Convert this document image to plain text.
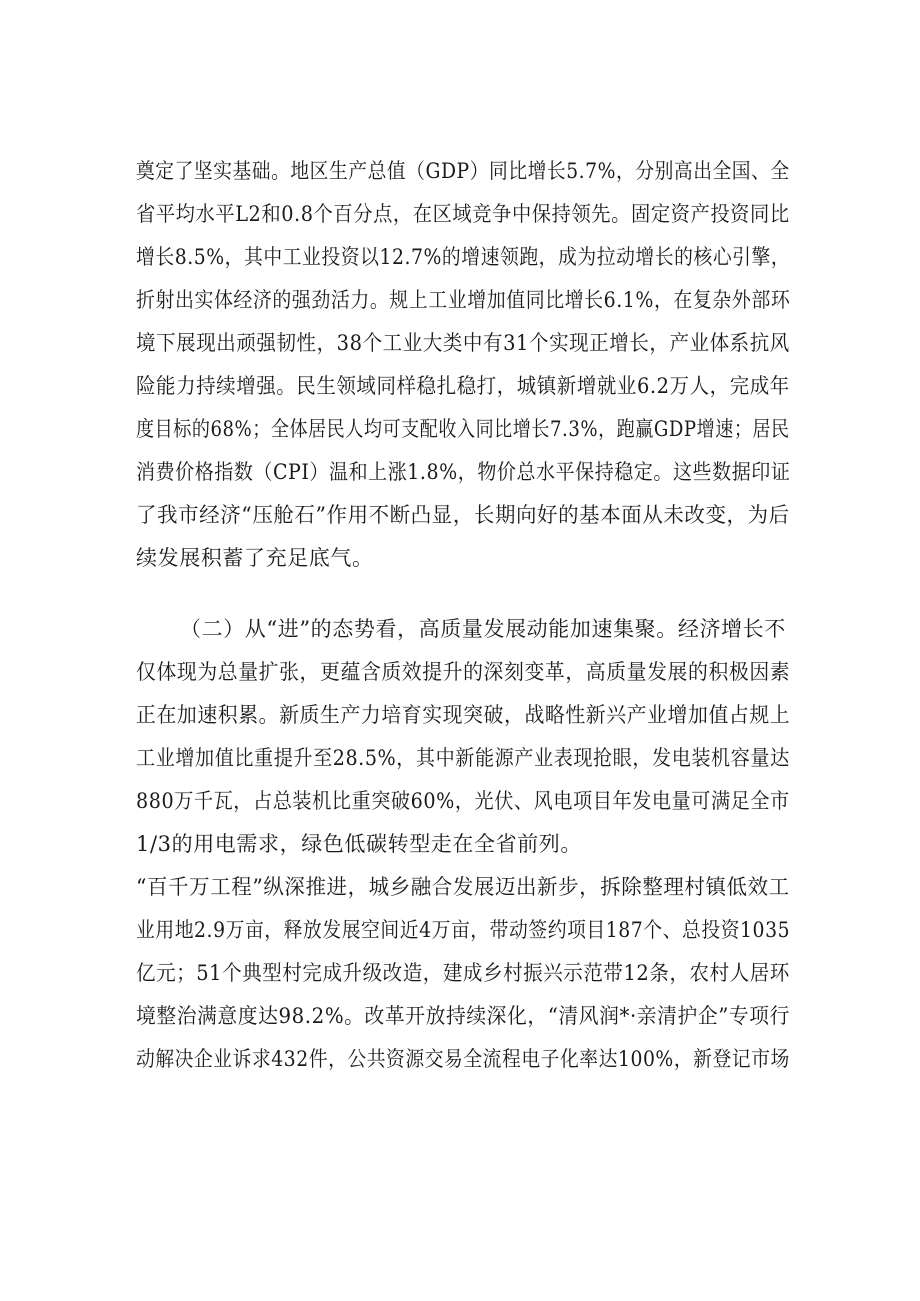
奠定了坚实基础。地区生产总值（GDP）同比增长5.7%，分别高出全国、全
省平均水平L2和0.8个百分点，在区域竞争中保持领先。固定资产投资同比
增长8.5%，其中工业投资以12.7%的增速领跑，成为拉动增长的核心引擎，
折射出实体经济的强劲活力。规上工业增加值同比增长6.1%，在复杂外部环
境下展现出顽强韧性，38个工业大类中有31个实现正增长，产业体系抗风
险能力持续增强。民生领域同样稳扎稳打，城镇新增就业6.2万人，完成年
度目标的68%；全体居民人均可支配收入同比增长7.3%，跑赢GDP增速；居民
消费价格指数（CPI）温和上涨1.8%，物价总水平保持稳定。这些数据印证
了我市经济“压舱石”作用不断凸显，长期向好的基本面从未改变，为后
续发展积蓄了充足底气。
（二）从“进”的态势看，高质量发展动能加速集聚。经济增长不
仅体现为总量扩张，更蕴含质效提升的深刻变革，高质量发展的积极因素
正在加速积累。新质生产力培育实现突破，战略性新兴产业增加值占规上
工业增加值比重提升至28.5%，其中新能源产业表现抢眼，发电装机容量达
880万千瓦，占总装机比重突破60%，光伏、风电项目年发电量可满足全市
1/3的用电需求，绿色低碳转型走在全省前列。
“百千万工程”纵深推进，城乡融合发展迈出新步，拆除整理村镇低效工
业用地2.9万亩，释放发展空间近4万亩，带动签约项目187个、总投资1035
亿元；51个典型村完成升级改造，建成乡村振兴示范带12条，农村人居环
境整治满意度达98.2%。改革开放持续深化，“清风润*·亲清护企”专项行
动解决企业诉求432件，公共资源交易全流程电子化率达100%，新登记市场
